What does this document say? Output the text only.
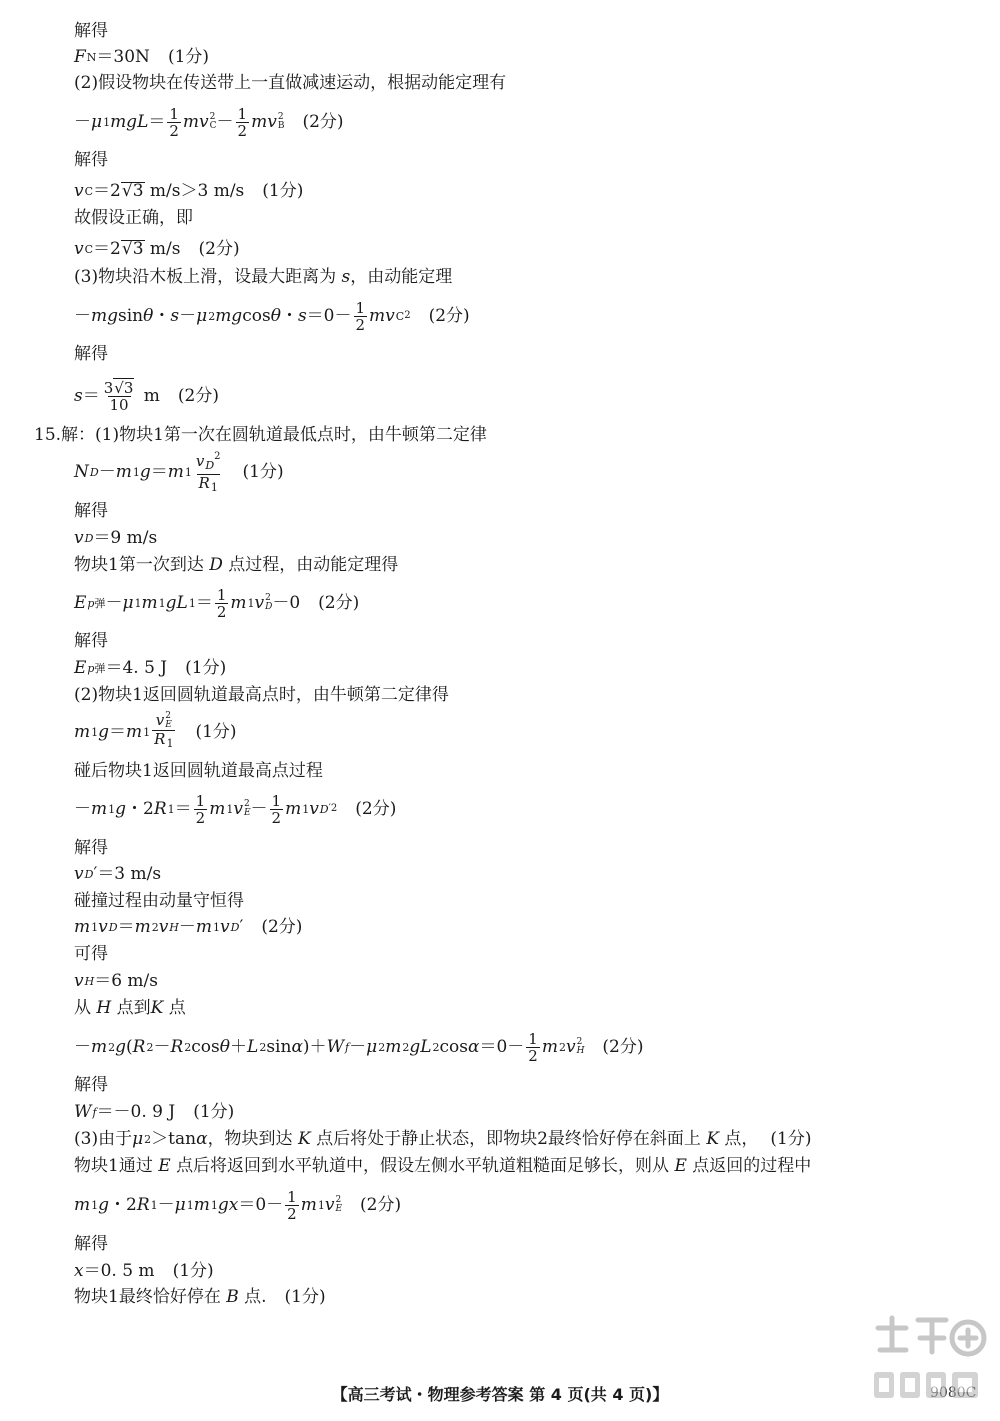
解得
F N ＝30N (1分)
(2)假设物块在传送带上一直做减速运动，根据动能定理有
－ μ 1 mgL ＝ $\frac{1}{2}$ mv 2
$C - \frac{1}{2}$ mv 2
B (2分)
解得
v C ＝2 √3
m/s＞3 m/s (1分)
故假设正确，即
v C ＝2 √3
m/s (2分)
(3)物块沿木板上滑，设最大距离为
s ，由动能定理
－ mg sin θ ・ s － μ 2 mg cos θ ・ $s =0- \frac{1}{2}$ mv C 2 (2分)
解得
$s = \frac{3√3}{10}$
m (2分)
15.解：(1)物块1第一次在圆轨道最低点时，由牛顿第二定律
N D － m 1 g ＝ m $1 \frac{v_D^2}{R_1} (1$分)
解得
v D ＝9 m/s
物块1第一次到达
D
点过程，由动能定理得
E p弹 － μ 1 m 1 gL $1 = \frac{1}{2}$ m 1 v 2
D －0 (2分)
解得
E p弹 ＝4. 5 J (1分)
(2)物块1返回圆轨道最高点时，由牛顿第二定律得
m 1 g ＝ m 1 v 2
E
$R_1$ (1分)
碰后物块1返回圆轨道最高点过程
－ m 1 g ・2 R $1 = \frac{1}{2}$ m 1 v 2
$E - \frac{1}{2}$ m 1 v D ′2 (2分)
解得
v D ′ ＝3 m/s
碰撞过程由动量守恒得
m 1 v D ＝ m 2 v H － m 1 v D ′ (2分)
可得
v H ＝6 m/s
从
H
点到 K
点
－ m 2 g ( R 2 － R 2 cos θ ＋ L 2 sin α )＋ W f － μ 2 m 2 gL 2 $\cos \alpha =0- \frac{1}{2}$ m 2 v 2
H (2分)
解得
W f ＝－0. 9 J (1分)
(3)由于 μ 2 ＞tan α ，物块到达
K
点后将处于静止状态，即物块2最终恰好停在斜面上
K
点， (1分)
物块1通过
E
点后将返回到水平轨道中，假设左侧水平轨道粗糙面足够长，则从
E
点返回的过程中
m 1 g ・2 R 1 － μ 1 m 1 gx $=0- \frac{1}{2}$ m 1 v 2
E (2分)
解得
x ＝0. 5 m (1分)
物块1最终恰好停在
B
点. (1分)
【高三考试・物理参考答案 第 4 页(共 4 页)】
